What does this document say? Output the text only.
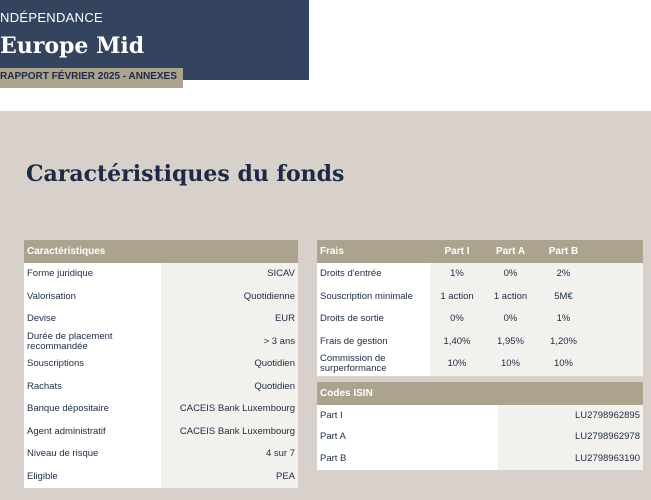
NDÉPENDANCE
Europe Mid
RAPPORT FÉVRIER 2025 - ANNEXES
Caractéristiques du fonds
Caractéristiques	
Forme juridique	SICAV
Valorisation	Quotidienne
Devise	EUR
Durée de placement recommandée	> 3 ans
Souscriptions	Quotidien
Rachats	Quotidien
Banque dépositaire	CACEIS Bank Luxembourg
Agent administratif	CACEIS Bank Luxembourg
Niveau de risque	4 sur 7
Eligible	PEA
Frais	Part I	Part A	Part B	
Droits d'entrée	1%	0%	2%	
Souscription minimale	1 action	1 action	5M€	
Droits de sortie	0%	0%	1%	
Frais de gestion	1,40%	1,95%	1,20%	
Commission de surperformance	10%	10%	10%	
Codes ISIN	
Part I	LU2798962895
Part A	LU2798962978
Part B	LU2798963190
